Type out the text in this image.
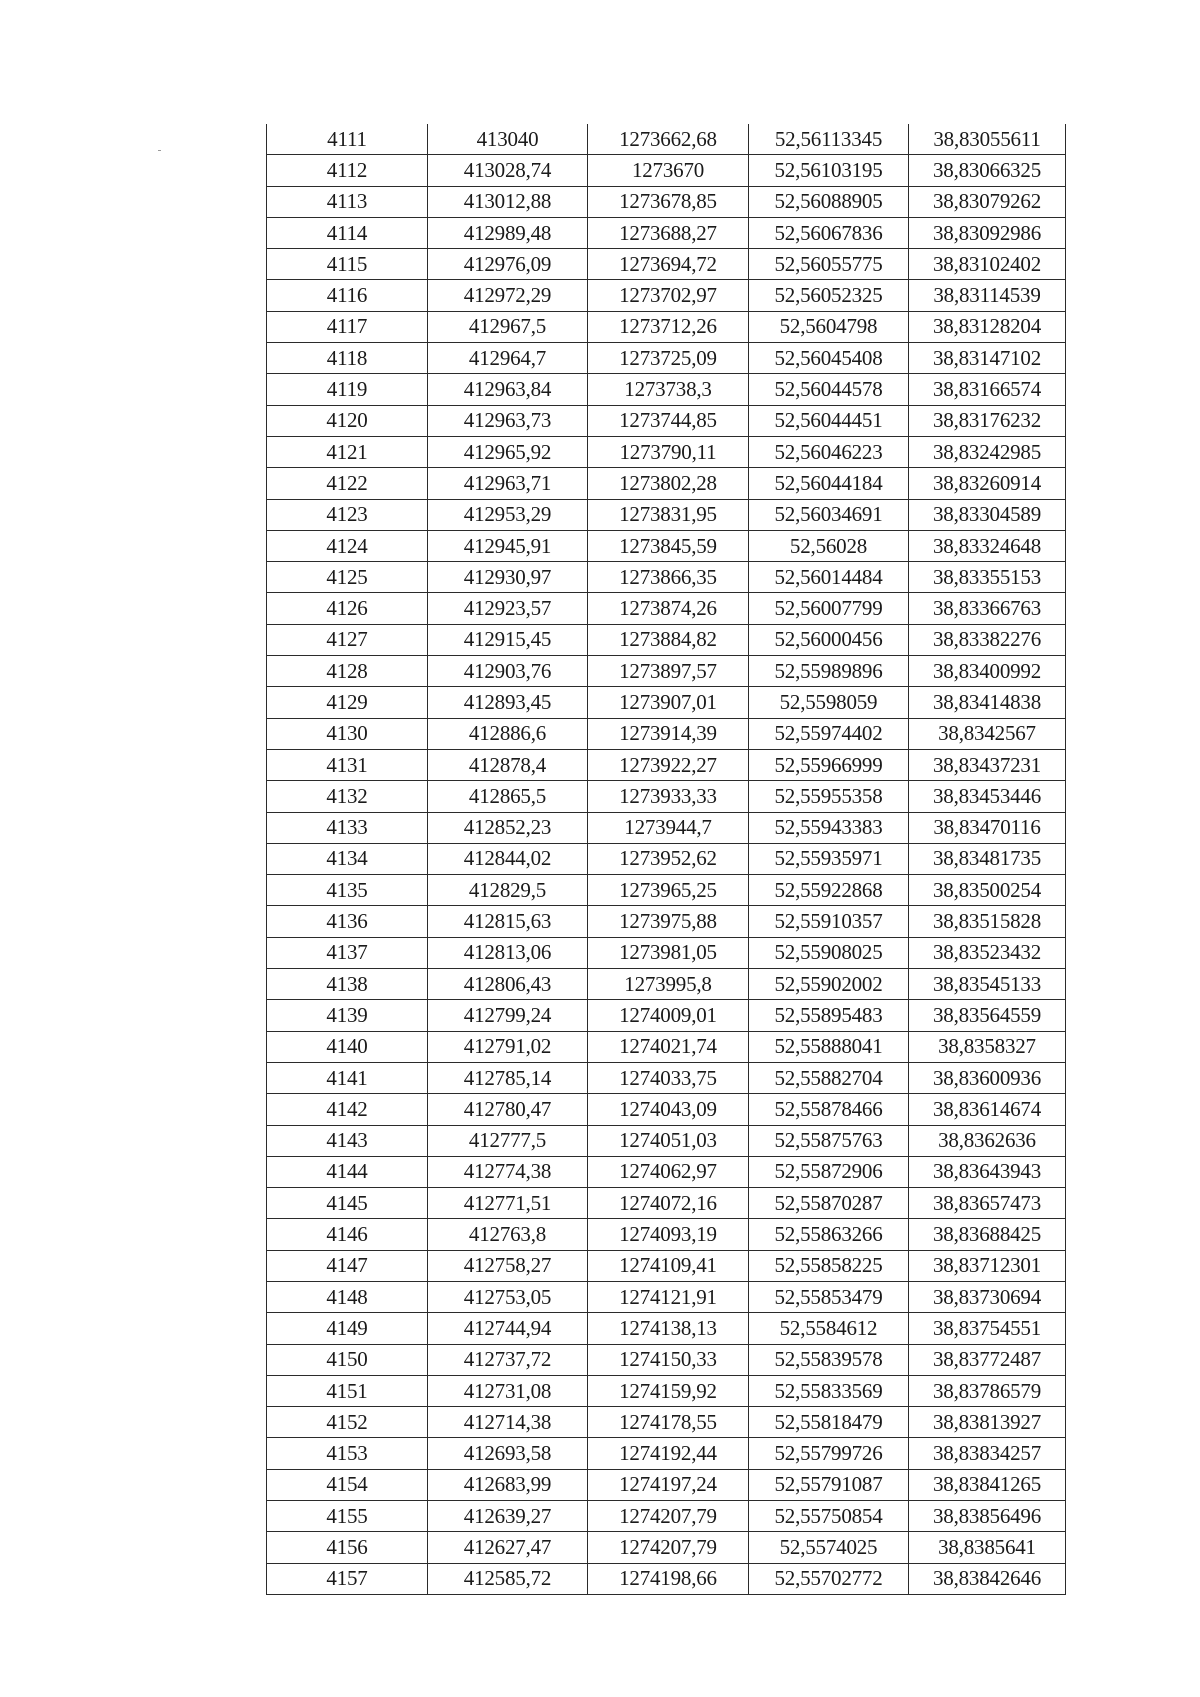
4111	413040	1273662,68	52,56113345	38,83055611
4112	413028,74	1273670	52,56103195	38,83066325
4113	413012,88	1273678,85	52,56088905	38,83079262
4114	412989,48	1273688,27	52,56067836	38,83092986
4115	412976,09	1273694,72	52,56055775	38,83102402
4116	412972,29	1273702,97	52,56052325	38,83114539
4117	412967,5	1273712,26	52,5604798	38,83128204
4118	412964,7	1273725,09	52,56045408	38,83147102
4119	412963,84	1273738,3	52,56044578	38,83166574
4120	412963,73	1273744,85	52,56044451	38,83176232
4121	412965,92	1273790,11	52,56046223	38,83242985
4122	412963,71	1273802,28	52,56044184	38,83260914
4123	412953,29	1273831,95	52,56034691	38,83304589
4124	412945,91	1273845,59	52,56028	38,83324648
4125	412930,97	1273866,35	52,56014484	38,83355153
4126	412923,57	1273874,26	52,56007799	38,83366763
4127	412915,45	1273884,82	52,56000456	38,83382276
4128	412903,76	1273897,57	52,55989896	38,83400992
4129	412893,45	1273907,01	52,5598059	38,83414838
4130	412886,6	1273914,39	52,55974402	38,8342567
4131	412878,4	1273922,27	52,55966999	38,83437231
4132	412865,5	1273933,33	52,55955358	38,83453446
4133	412852,23	1273944,7	52,55943383	38,83470116
4134	412844,02	1273952,62	52,55935971	38,83481735
4135	412829,5	1273965,25	52,55922868	38,83500254
4136	412815,63	1273975,88	52,55910357	38,83515828
4137	412813,06	1273981,05	52,55908025	38,83523432
4138	412806,43	1273995,8	52,55902002	38,83545133
4139	412799,24	1274009,01	52,55895483	38,83564559
4140	412791,02	1274021,74	52,55888041	38,8358327
4141	412785,14	1274033,75	52,55882704	38,83600936
4142	412780,47	1274043,09	52,55878466	38,83614674
4143	412777,5	1274051,03	52,55875763	38,8362636
4144	412774,38	1274062,97	52,55872906	38,83643943
4145	412771,51	1274072,16	52,55870287	38,83657473
4146	412763,8	1274093,19	52,55863266	38,83688425
4147	412758,27	1274109,41	52,55858225	38,83712301
4148	412753,05	1274121,91	52,55853479	38,83730694
4149	412744,94	1274138,13	52,5584612	38,83754551
4150	412737,72	1274150,33	52,55839578	38,83772487
4151	412731,08	1274159,92	52,55833569	38,83786579
4152	412714,38	1274178,55	52,55818479	38,83813927
4153	412693,58	1274192,44	52,55799726	38,83834257
4154	412683,99	1274197,24	52,55791087	38,83841265
4155	412639,27	1274207,79	52,55750854	38,83856496
4156	412627,47	1274207,79	52,5574025	38,8385641
4157	412585,72	1274198,66	52,55702772	38,83842646
